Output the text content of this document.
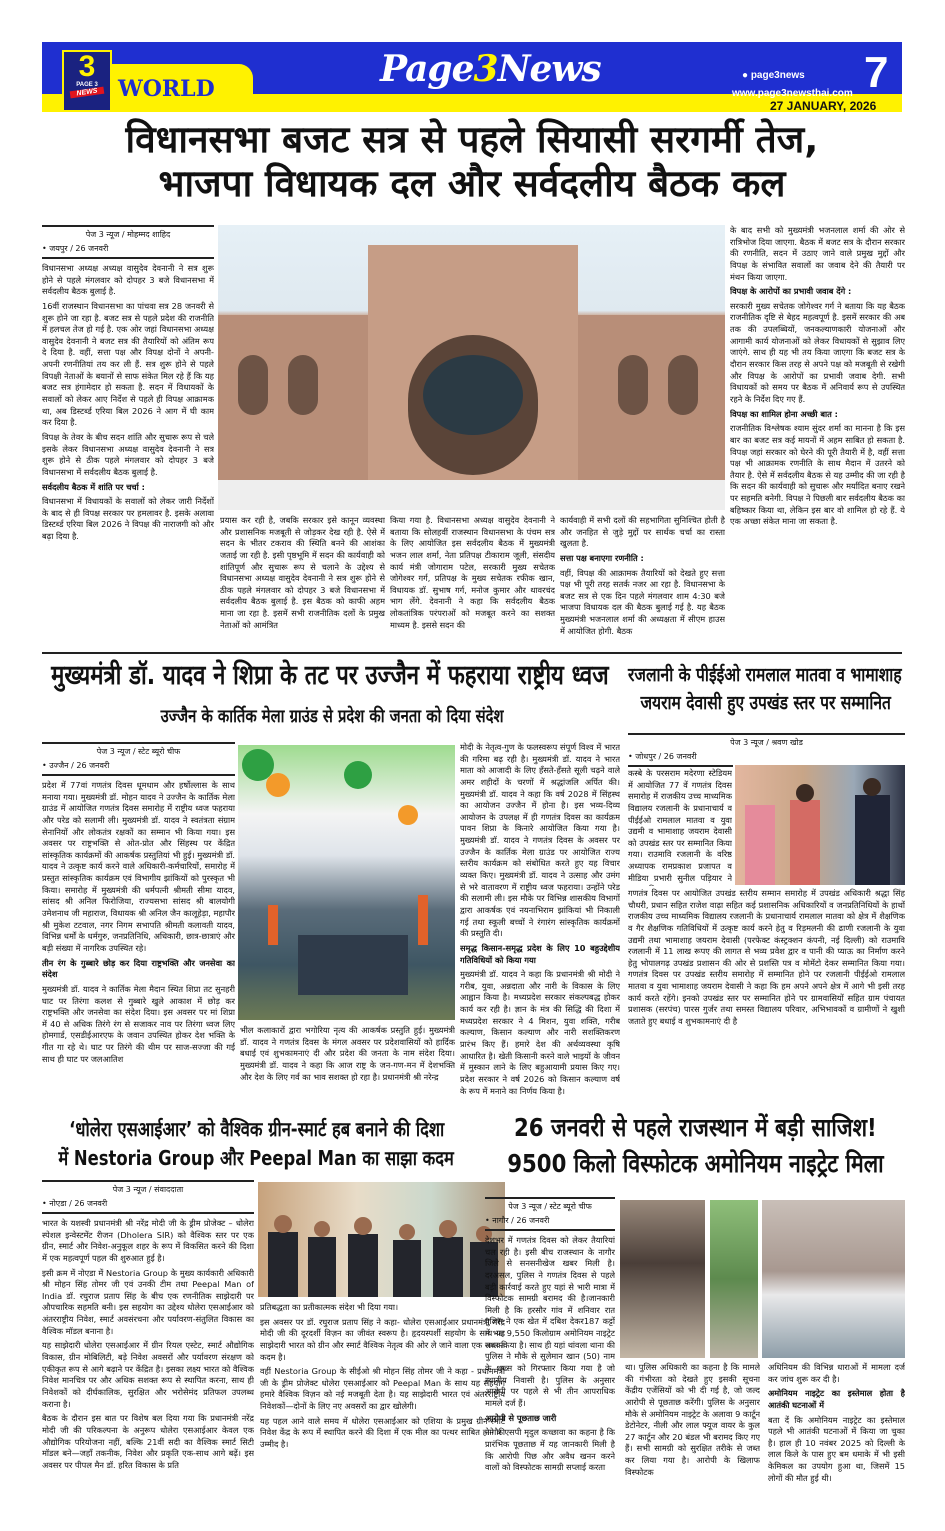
3
PAGE 3
NEWS WORLD	Page3News	● page3news
www.page3newsthai.com 7
27 JANUARY, 2026
विधानसभा बजट सत्र से पहले सियासी सरगर्मी तेज,
भाजपा विधायक दल और सर्वदलीय बैठक कल
पेज 3 न्यूज / मोहम्मद शाहिद
• जयपुर / 26 जनवरी

विधानसभा अध्यक्ष अध्यक्ष वासुदेव देवनानी ने सत्र शुरू होने से पहले मंगलवार को दोपहर 3 बजे विधानसभा में सर्वदलीय बैठक बुलाई है.

16वीं राजस्थान विधानसभा का पांचवा सत्र 28 जनवरी से शुरू होने जा रहा है. बजट सत्र से पहले प्रदेश की राजनीति में हलचल तेज हो गई है. एक ओर जहां विधानसभा अध्यक्ष वासुदेव देवनानी ने बजट सत्र की तैयारियों को अंतिम रूप दे दिया है. वहीं, सत्ता पक्ष और विपक्ष दोनों ने अपनी-अपनी रणनीतियां तय कर ली हैं. सत्र शुरू होने से पहले विपक्षी नेताओं के बयानों से साफ संकेत मिल रहे हैं कि यह बजट सत्र हंगामेदार हो सकता है. सदन में विधायकों के सवालों को लेकर आए निर्देश से पहले ही विपक्ष आक्रामक था, अब डिस्टर्ब्ड एरिया बिल 2026 ने आग में घी काम कर दिया है.

विपक्ष के तेवर के बीच सदन शांति और सुचारू रूप से चले इसके लेकर विधानसभा अध्यक्ष वासुदेव देवनानी ने सत्र शुरू होने से ठीक पहले मंगलवार को दोपहर 3 बजे विधानसभा में सर्वदलीय बैठक बुलाई है.

सर्वदलीय बैठक में शांति पर चर्चा :

विधानसभा में विधायकों के सवालों को लेकर जारी निर्देशों के बाद से ही विपक्ष सरकार पर हमलावर है. इसके अलावा डिस्टर्ब्ड एरिया बिल 2026 ने विपक्ष की नाराजगी को और बढ़ा दिया है.

प्रयास कर रही है, जबकि सरकार इसे कानून व्यवस्था और प्रशासनिक मजबूती से जोड़कर देख रही है. ऐसे में सदन के भीतर टकराव की स्थिति बनने की आशंका जताई जा रही है. इसी पृष्ठभूमि में सदन की कार्यवाही को शांतिपूर्ण और सुचारू रूप से चलाने के उद्देश्य से विधानसभा अध्यक्ष वासुदेव देवनानी ने सत्र शुरू होने से ठीक पहले मंगलवार को दोपहर 3 बजे विधानसभा में सर्वदलीय बैठक बुलाई है. इस बैठक को काफी अहम माना जा रहा है. इसमें सभी राजनीतिक दलों के प्रमुख नेताओं को आमंत्रित
किया गया है. विधानसभा अध्यक्ष वासुदेव देवनानी ने बताया कि सोलहवीं राजस्थान विधानसभा के पंचम सत्र के लिए आयोजित इस सर्वदलीय बैठक में मुख्यमंत्री भजन लाल शर्मा, नेता प्रतिपक्ष टीकाराम जूली, संसदीय कार्य मंत्री जोगाराम पटेल, सरकारी मुख्य सचेतक जोगेश्वर गर्ग, प्रतिपक्ष के मुख्य सचेतक रफीक खान, विधायक डॉ. सुभाष गर्ग, मनोज कुमार और थावरचंद भाग लेंगे. देवनानी ने कहा कि सर्वदलीय बैठक लोकतांत्रिक परंपराओं को मजबूत करने का सशक्त माध्यम है. इससे सदन की

कार्यवाही में सभी दलों की सहभागिता सुनिश्चित होती है और जनहित से जुड़े मुद्दों पर सार्थक चर्चा का रास्ता खुलता है.

सत्ता पक्ष बनाएगा रणनीति :

वहीं, विपक्ष की आक्रामक तैयारियों को देखते हुए सत्ता पक्ष भी पूरी तरह सतर्क नजर आ रहा है. विधानसभा के बजट सत्र से एक दिन पहले मंगलवार शाम 4:30 बजे भाजपा विधायक दल की बैठक बुलाई गई है. यह बैठक मुख्यमंत्री भजनलाल शर्मा की अध्यक्षता में सीएम हाउस में आयोजित होगी. बैठक

के बाद सभी को मुख्यमंत्री भजनलाल शर्मा की ओर से रात्रिभोज दिया जाएगा. बैठक में बजट सत्र के दौरान सरकार की रणनीति, सदन में उठाए जाने वाले प्रमुख मुद्दों और विपक्ष के संभावित सवालों का जवाब देने की तैयारी पर मंथन किया जाएगा.

विपक्ष के आरोपों का प्रभावी जवाब देंगे :

सरकारी मुख्य सचेतक जोगेश्वर गर्ग ने बताया कि यह बैठक राजनीतिक दृष्टि से बेहद महत्वपूर्ण है. इसमें सरकार की अब तक की उपलब्धियों, जनकल्याणकारी योजनाओं और आगामी कार्य योजनाओं को लेकर विधायकों से सुझाव लिए जाएंगे. साथ ही यह भी तय किया जाएगा कि बजट सत्र के दौरान सरकार किस तरह से अपने पक्ष को मजबूती से रखेगी और विपक्ष के आरोपों का प्रभावी जवाब देगी. सभी विधायकों को समय पर बैठक में अनिवार्य रूप से उपस्थित रहने के निर्देश दिए गए हैं.

विपक्ष का शामिल होना अच्छी बात :

राजनीतिक विश्लेषक श्याम सुंदर शर्मा का मानना है कि इस बार का बजट सत्र कई मायनों में अहम साबित हो सकता है. विपक्ष जहां सरकार को घेरने की पूरी तैयारी में है, वहीं सत्ता पक्ष भी आक्रामक रणनीति के साथ मैदान में उतरने को तैयार है. ऐसे में सर्वदलीय बैठक से यह उम्मीद की जा रही है कि सदन की कार्यवाही को सुचारू और मर्यादित बनाए रखने पर सहमति बनेगी. विपक्ष ने पिछली बार सर्वदलीय बैठक का बहिष्कार किया था, लेकिन इस बार वो शामिल हो रहे हैं. ये एक अच्छा संकेत माना जा सकता है.

मुख्यमंत्री डॉ. यादव ने शिप्रा के तट पर उज्जैन में फहराया राष्ट्रीय ध्वज
उज्जैन के कार्तिक मेला ग्राउंड से प्रदेश की जनता को दिया संदेश
पेज 3 न्यूज / स्टेट ब्यूरो चीफ
• उज्जैन / 26 जनवरी

प्रदेश में 77वां गणतंत्र दिवस धूमधाम और हर्षोल्लास के साथ मनाया गया। मुख्यमंत्री डॉ. मोहन यादव ने उज्जैन के कार्तिक मेला ग्राउंड में आयोजित गणतंत्र दिवस समारोह में राष्ट्रीय ध्वज फहराया और परेड को सलामी ली। मुख्यमंत्री डॉ. यादव ने स्वतंत्रता संग्राम सेनानियों और लोकतंत्र रक्षकों का सम्मान भी किया गया। इस अवसर पर राष्ट्रभक्ति से ओत-प्रोत और सिंहस्थ पर केंद्रित सांस्कृतिक कार्यक्रमों की आकर्षक प्रस्तुतियां भी हुई। मुख्यमंत्री डॉ. यादव ने उत्कृष्ट कार्य करने वाले अधिकारी-कर्मचारियों, समारोह में प्रस्तुत सांस्कृतिक कार्यक्रम एवं विभागीय झांकियों को पुरस्कृत भी किया। समारोह में मुख्यमंत्री की धर्मपत्नी श्रीमती सीमा यादव, सांसद श्री अनिल फिरोजिया, राज्यसभा सांसद श्री बालयोगी उमेशनाथ जी महाराज, विधायक श्री अनिल जैन कालूहेड़ा, महापौर श्री मुकेश टटवाल, नगर निगम सभापति श्रीमती कलावती यादव, विभिन्न धर्मों के धर्मगुरु, जनप्रतिनिधि, अधिकारी, छात्र-छात्राएं और बड़ी संख्या में नागरिक उपस्थित रहे।

तीन रंग के गुब्बारे छोड़ कर दिया राष्ट्रभक्ति और जनसेवा का संदेश

मुख्यमंत्री डॉ. यादव ने कार्तिक मेला मैदान स्थित शिप्रा तट सुनहरी घाट पर तिरंगा कलश से गुब्बारे खुले आकाश में छोड़ कर राष्ट्रभक्ति और जनसेवा का संदेश दिया। इस अवसर पर मां शिप्रा में 40 से अधिक तिरंगे रंग से सजाकर नाव पर तिरंगा ध्वज लिए होमगार्ड, एसडीईआरएफ के जवान उपस्थित होकर देश भक्ति के गीत गा रहे थे। घाट पर तिरंगे की थीम पर साज-सज्जा की गई साथ ही घाट पर जलआतिश

भील कलाकारों द्वारा भगोरिया नृत्य की आकर्षक प्रस्तुति हुई। मुख्यमंत्री डॉ. यादव ने गणतंत्र दिवस के मंगल अवसर पर प्रदेशवासियों को हार्दिक बधाई एवं शुभकामनाएं दी और प्रदेश की जनता के नाम संदेश दिया। मुख्यमंत्री डॉ. यादव ने कहा कि आज राष्ट्र के जन-गण-मन में देशभक्ति और देश के लिए गर्व का भाव सशक्त हो रहा है। प्रधानमंत्री श्री नरेन्द्र

मोदी के नेतृत्व-गुण के फलस्वरूप संपूर्ण विश्व में भारत की गरिमा बढ़ रही है। मुख्यमंत्री डॉ. यादव ने भारत माता को आजादी के लिए हँसते-हँसते सूली चढ़ने वाले अमर शहीदों के चरणों में श्रद्धांजलि अर्पित की। मुख्यमंत्री डॉ. यादव ने कहा कि वर्ष 2028 में सिंहस्थ का आयोजन उज्जैन में होना है। इस भव्य-दिव्य आयोजन के उपलक्ष में ही गणतंत्र दिवस का कार्यक्रम पावन शिप्रा के किनारे आयोजित किया गया है। मुख्यमंत्री डॉ. यादव ने गणतंत्र दिवस के अवसर पर उज्जैन के कार्तिक मेला ग्राउंड पर आयोजित राज्य स्तरीय कार्यक्रम को संबोधित करते हुए यह विचार व्यक्त किए। मुख्यमंत्री डॉ. यादव ने उत्साह और उमंग से भरे वातावरण में राष्ट्रीय ध्वज फहराया। उन्होंने परेड की सलामी ली। इस मौके पर विभिन्न शासकीय विभागों द्वारा आकर्षक एवं नयनाभिराम झांकियां भी निकाली गई तथा स्कूली बच्चों ने रंगारंग सांस्कृतिक कार्यक्रमों की प्रस्तुति दी।

समृद्ध किसान-समृद्ध प्रदेश के लिए 10 बहुउद्देशीय गतिविधियों को किया गया

मुख्यमंत्री डॉ. यादव ने कहा कि प्रधानमंत्री श्री मोदी ने गरीब, युवा, अन्नदाता और नारी के विकास के लिए आह्वान किया है। मध्यप्रदेश सरकार संकल्पबद्ध होकर कार्य कर रही है। ज्ञान के मंत्र की सिद्धि की दिशा में मध्यप्रदेश सरकार ने 4 मिशन, युवा शक्ति, गरीब कल्याण, किसान कल्याण और नारी सशक्तिकरण प्रारंभ किए हैं। हमारे देश की अर्थव्यवस्था कृषि आधारित है। खेती किसानी करने वाले भाइयों के जीवन में मुस्कान लाने के लिए बहुआयामी प्रयास किए गए। प्रदेश सरकार ने वर्ष 2026 को किसान कल्याण वर्ष के रूप में मनाने का निर्णय किया है।

रजलानी के पीईईओ रामलाल मातवा व भामाशाह
जयराम देवासी हुए उपखंड स्तर पर सम्मानित
पेज 3 न्यूज / श्रवण खोड
• जोधपुर / 26 जनवरी
कस्बे के परसराम मदेरणा स्टेडियम में आयोजित 77 वें गणतंत्र दिवस समारोह में राजकीय उच्च माध्यमिक विद्यालय रजलानी के प्रधानाचार्य व पीईईओ रामलाल मातवा व युवा उद्यमी व भामाशाह जयराम देवासी को उपखंड स्तर पर सम्मानित किया गया। राउमावि रजलानी के वरिष्ठ अध्यापक रामप्रकाश प्रजापत व मीडिया प्रभारी सुनील पड़ियार ने
गणतंत्र दिवस पर आयोजित उपखंड स्तरीय सम्मान समारोह में उपखंड अधिकारी श्रद्धा सिंह चौधरी, प्रधान सहित राजेश वाढ़ा सहित कई प्रशासनिक अधिकारियों व जनप्रतिनिधियों के हाथों राजकीय उच्च माध्यमिक विद्यालय रजलानी के प्रधानाचार्य रामलाल मातवा को क्षेत्र में शैक्षणिक व गैर शैक्षणिक गतिविधियों में उत्कृष्ट कार्य करने हेतु व रिड़मलनी की ढाणी रजलानी के युवा उद्यमी तथा भामाशाह जयराम देवासी (परफेक्ट कंस्ट्रक्शन कंपनी, नई दिल्ली) को राउमावि रजलानी में 11 लाख रूपए की लागत से भव्य प्रवेश द्वार व पानी की प्याऊ का निर्माण करने हेतु भोपालगढ़ उपखंड प्रशासन की ओर से प्रशस्ति पत्र व मोमेंटो देकर सम्मानित किया गया। गणतंत्र दिवस पर उपखंड स्तरीय समारोह में सम्मानित होने पर रजलानी पीईईओ रामलाल मातवा व युवा भामाशाह जयराम देवासी ने कहा कि हम अपने अपने क्षेत्र में आगे भी इसी तरह कार्य करते रहेंगे। इनको उपखंड स्तर पर सम्मानित होने पर ग्रामवासियों सहित ग्राम पंचायत प्रशासक (सरपंच) पारस गुर्जर तथा समस्त विद्यालय परिवार, अभिभावकों व ग्रामीणों ने खुशी जताते हुए बधाई व शुभकामनाएं दी है
‘धोलेरा एसआईआर’ को वैश्विक ग्रीन-स्मार्ट हब बनाने की दिशा
में Nestoria Group और Peepal Man का साझा कदम
पेज 3 न्यूज / संवाददाता
• नोएडा / 26 जनवरी

भारत के यशस्वी प्रधानमंत्री श्री नरेंद्र मोदी जी के ड्रीम प्रोजेक्ट – धोलेरा स्पेशल इन्वेस्टमेंट रीजन (Dholera SIR) को वैश्विक स्तर पर एक ग्रीन, स्मार्ट और निवेश-अनुकूल शहर के रूप में विकसित करने की दिशा में एक महत्वपूर्ण पहल की शुरुआत हुई है।

इसी क्रम में नोएडा में Nestoria Group के मुख्य कार्यकारी अधिकारी श्री मोहन सिंह तोमर जी एवं उनकी टीम तथा Peepal Man of India डॉ. रघुराज प्रताप सिंह के बीच एक रणनीतिक साझेदारी पर औपचारिक सहमति बनी। इस सहयोग का उद्देश्य धोलेरा एसआईआर को अंतरराष्ट्रीय निवेश, स्मार्ट अवसंरचना और पर्यावरण-संतुलित विकास का वैश्विक मॉडल बनाना है।

यह साझेदारी धोलेरा एसआईआर में ग्रीन रियल एस्टेट, स्मार्ट औद्योगिक विकास, ग्रीन मोबिलिटी, बड़े निवेश अवसरों और पर्यावरण संरक्षण को एकीकृत रूप से आगे बढ़ाने पर केंद्रित है। इसका लक्ष्य भारत को वैश्विक निवेश मानचित्र पर और अधिक सशक्त रूप से स्थापित करना, साथ ही निवेशकों को दीर्घकालिक, सुरक्षित और भरोसेमंद प्रतिफल उपलब्ध कराना है।

बैठक के दौरान इस बात पर विशेष बल दिया गया कि प्रधानमंत्री नरेंद्र मोदी जी की परिकल्पना के अनुरूप धोलेरा एसआईआर केवल एक औद्योगिक परियोजना नहीं, बल्कि 21वीं सदी का वैश्विक स्मार्ट सिटी मॉडल बने—जहाँ तकनीक, निवेश और प्रकृति एक-साथ आगे बढ़ें। इस अवसर पर पीपल मैन डॉ. हरित विकास के प्रति

प्रतिबद्धता का प्रतीकात्मक संदेश भी दिया गया।

इस अवसर पर डॉ. रघुराज प्रताप सिंह ने कहा- धोलेरा एसआईआर प्रधानमंत्री नरेंद्र मोदी जी की दूरदर्शी विज़न का जीवंत स्वरूप है। हृदयस्पर्शी सहयोग के साथ यह साझेदारी भारत को ग्रीन और स्मार्ट वैश्विक नेतृत्व की ओर ले जाने वाला एक सशक्त कदम है।

वहीं Nestoria Group के सीईओ श्री मोहन सिंह तोमर जी ने कहा - प्रधानमंत्री जी के ड्रीम प्रोजेक्ट धोलेरा एसआईआर को Peepal Man के साथ यह सहयोग हमारे वैश्विक विज़न को नई मजबूती देता है। यह साझेदारी भारत एवं अंतरराष्ट्रीय निवेशकों—दोनों के लिए नए अवसरों का द्वार खोलेगी।

यह पहल आने वाले समय में धोलेरा एसआईआर को एशिया के प्रमुख ग्रीन-स्मार्ट निवेश केंद्र के रूप में स्थापित करने की दिशा में एक मील का पत्थर साबित होने की उम्मीद है।

26 जनवरी से पहले राजस्थान में बड़ी साजिश!
9500 किलो विस्फोटक अमोनियम नाइट्रेट मिला
पेज 3 न्यूज / स्टेट ब्यूरो चीफ
• नागौर / 26 जनवरी

देशभर में गणतंत्र दिवस को लेकर तैयारियां चल रही है। इसी बीच राजस्थान के नागौर जिले से सनसनीखेज खबर मिली है। दरअसल, पुलिस ने गणतंत्र दिवस से पहले बड़ी कार्रवाई करते हुए यहां से भारी मात्रा में विस्फोटक सामग्री बरामद की है।जानकारी मिली है कि हरसौर गांव में शनिवार रात पुलिस ने एक खेत में दबिश देकर187 कट्टों में भरा 9,550 किलोग्राम अमोनियम नाइट्रेट जब्त किया है। साथ ही यहां थांवला थाना की पुलिस ने मौके से सुलेमान खान (50) नाम के शख्स को गिरफ्तार किया गया है जो स्थानीय निवासी है। पुलिस के अनुसार आरोपी पर पहले से भी तीन आपराधिक मामले दर्ज हैं।

आरोपी से पूछताछ जारी

नागौर एसपी मृदुल कच्छावा का कहना है कि प्रारंभिक पूछताछ में यह जानकारी मिली है कि आरोपी पिछ और अवैध खनन करने वालों को विस्फोटक सामग्री सप्लाई करता

था। पुलिस अधिकारी का कहना है कि मामले की गंभीरता को देखते हुए इसकी सूचना केंद्रीय एजेंसियों को भी दी गई है, जो जल्द आरोपी से पूछताछ करेंगी। पुलिस के अनुसार मौके से अमोनियम नाइट्रेट के अलावा 9 कार्टून डेटोनेटर, नीली और लाल फ्यूज वायर के कुल 27 कार्टून और 20 बंडल भी बरामद किए गए हैं। सभी सामग्री को सुरक्षित तरीके से जब्त कर लिया गया है। आरोपी के खिलाफ विस्फोटक

अधिनियम की विभिन्न धाराओं में मामला दर्ज कर जांच शुरू कर दी है।

अमोनियम नाइट्रेट का इस्तेमाल होता है आतंकी घटनाओं में

बता दें कि अमोनियम नाइट्रेट का इस्तेमाल पहले भी आतंकी घटनाओं में किया जा चुका है। हाल ही 10 नवंबर 2025 को दिल्ली के लाल किले के पास हुए बम धमाके में भी इसी केमिकल का उपयोग हुआ था, जिसमें 15 लोगों की मौत हुई थी।
